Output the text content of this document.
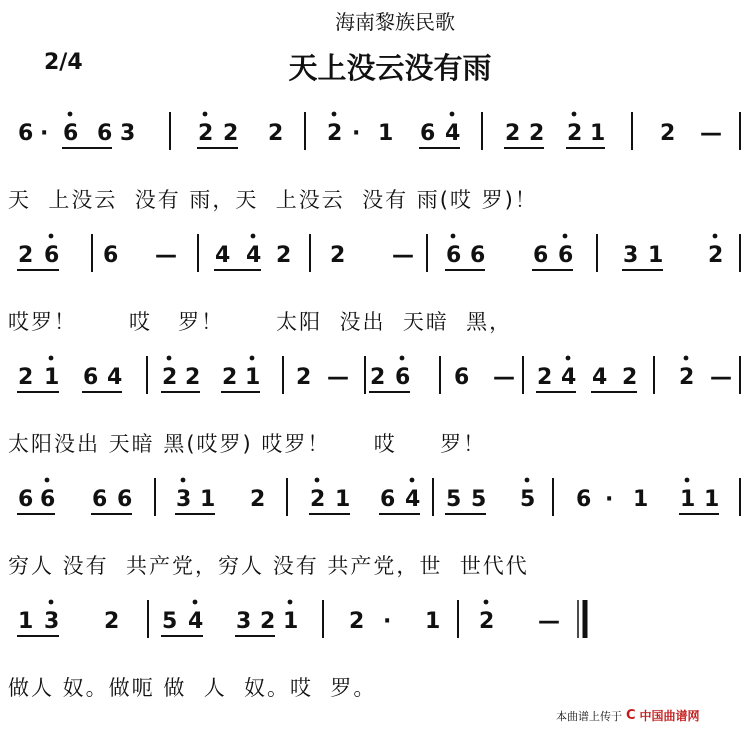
海南黎族民歌
2/4	天上没云没有雨
6 · 6 6 3	2 2 2 2 · 1 6 4 2 2 2 1 2 —
2 6 6 — 4 4 2 2 — 6 6 6 6 3 1 2
2 1 6 4 2 2 2 1 2 — 2 6 6 — 2 4 4 2 2 —
6 6 6 6 3 1 2 2 1 6 4 5 5 5 6 · 1 1 1
1 3 2 5 4 3 2 1 2 · 1 2 —
天  上没云  没有 雨，天  上没云  没有 雨(哎 罗)！
哎罗！      哎   罗！      太阳  没出  天暗  黑，
太阳没出 天暗 黑(哎罗) 哎罗！     哎     罗！
穷人 没有  共产党，穷人 没有 共产党，世  世代代
做人 奴。做呃 做  人  奴。哎  罗。
本曲谱上传于 C 中国曲谱网
